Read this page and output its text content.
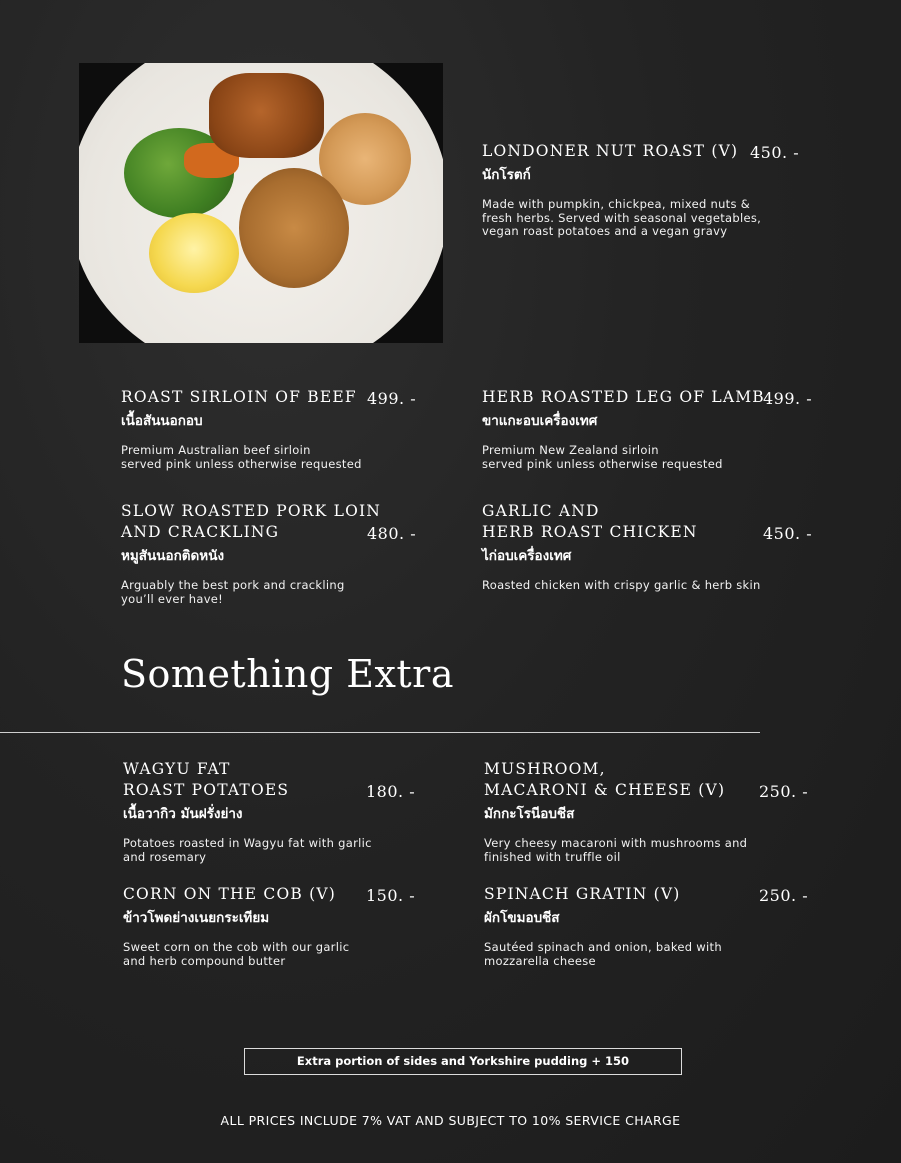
LONDONER NUT ROAST (V) 450. -
นักโรตก์
Made with pumpkin, chickpea, mixed nuts &
fresh herbs. Served with seasonal vegetables,
vegan roast potatoes and a vegan gravy
ROAST SIRLOIN OF BEEF 499. -
เนื้อสันนอกอบ
Premium Australian beef sirloin
served pink unless otherwise requested
HERB ROASTED LEG OF LAMB
499. -
ขาแกะอบเครื่องเทศ
Premium New Zealand sirloin
served pink unless otherwise requested
SLOW ROASTED PORK LOIN
AND CRACKLING	480. -
หมูสันนอกติดหนัง
Arguably the best pork and crackling
you’ll ever have!
GARLIC AND
HERB ROAST CHICKEN	450. -
ไก่อบเครื่องเทศ
Roasted chicken with crispy garlic & herb skin
Something Extra
WAGYU FAT
ROAST POTATOES	180. -
เนื้อวากิว มันฝรั่งย่าง
Potatoes roasted in Wagyu fat with garlic
and rosemary
MUSHROOM,
MACARONI & CHEESE (V)	250. -
มักกะโรนีอบชีส
Very cheesy macaroni with mushrooms and
finished with truffle oil
CORN ON THE COB (V)	150. -
ข้าวโพดย่างเนยกระเทียม
Sweet corn on the cob with our garlic
and herb compound butter
SPINACH GRATIN (V)	250. -
ผักโขมอบชีส
Sautéed spinach and onion, baked with
mozzarella cheese
Extra portion of sides and Yorkshire pudding + 150
ALL PRICES INCLUDE 7% VAT AND SUBJECT TO 10% SERVICE CHARGE
